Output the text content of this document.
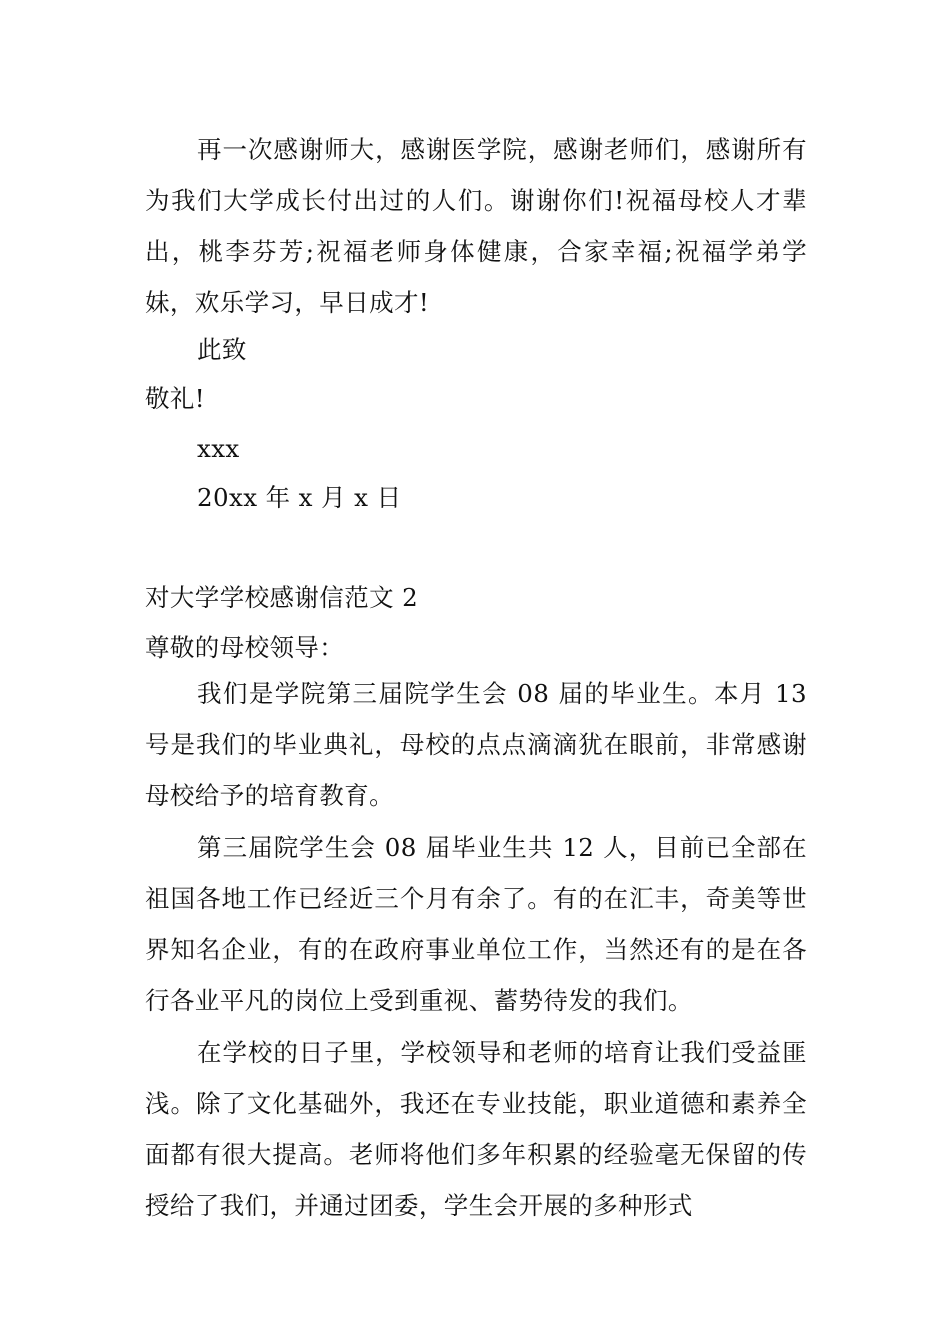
再一次感谢师大，感谢医学院，感谢老师们，感谢所有为我们大学成长付出过的人们。谢谢你们!祝福母校人才辈出，桃李芬芳;祝福老师身体健康，合家幸福;祝福学弟学妹，欢乐学习，早日成才!

此致

敬礼!

xxx

20xx 年 x 月 x 日

对大学学校感谢信范文 2

尊敬的母校领导：

我们是学院第三届院学生会 08 届的毕业生。本月 13 号是我们的毕业典礼，母校的点点滴滴犹在眼前，非常感谢母校给予的培育教育。

第三届院学生会 08 届毕业生共 12 人，目前已全部在祖国各地工作已经近三个月有余了。有的在汇丰，奇美等世界知名企业，有的在政府事业单位工作，当然还有的是在各行各业平凡的岗位上受到重视、蓄势待发的我们。

在学校的日子里，学校领导和老师的培育让我们受益匪浅。除了文化基础外，我还在专业技能，职业道德和素养全面都有很大提高。老师将他们多年积累的经验毫无保留的传授给了我们，并通过团委，学生会开展的多种形式
